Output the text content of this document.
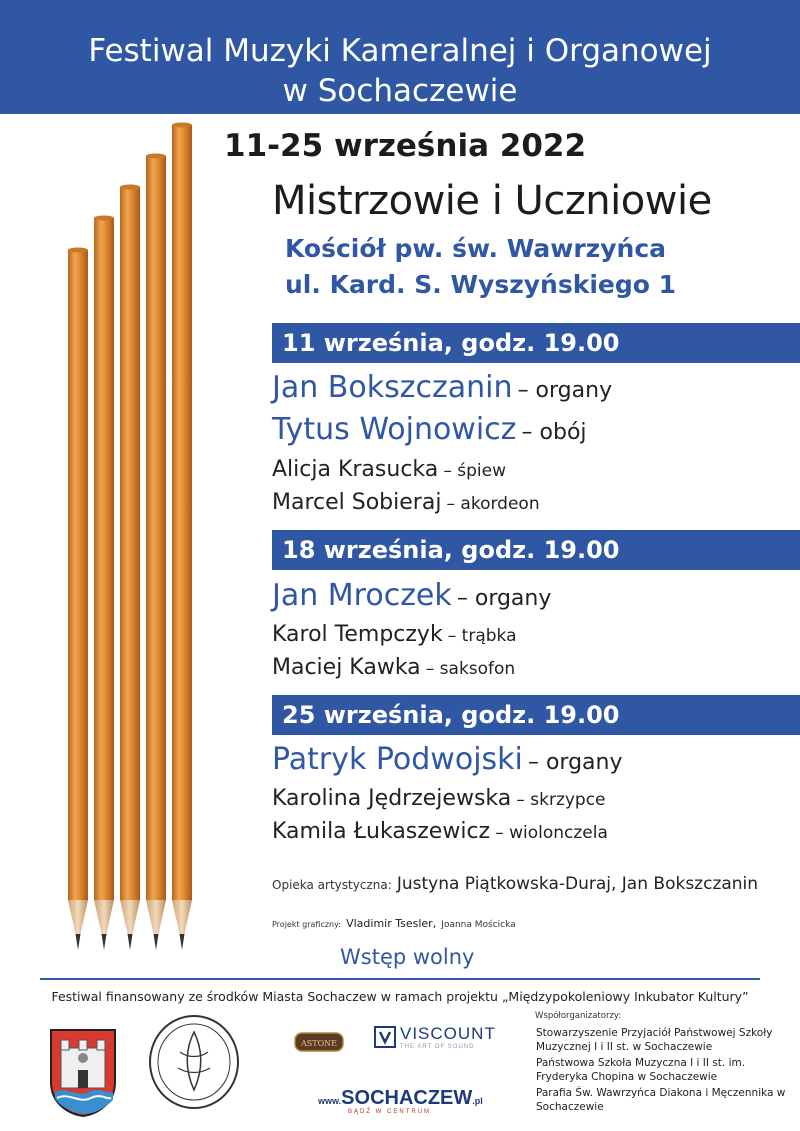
Festiwal Muzyki Kameralnej i Organowej
w Sochaczewie
11-25 września 2022
Mistrzowie i Uczniowie
Kościół pw. św. Wawrzyńca
ul. Kard. S. Wyszyńskiego 1
11 września, godz. 19.00
Jan Bokszczanin – organy
Tytus Wojnowicz – obój
Alicja Krasucka – śpiew
Marcel Sobieraj – akordeon
18 września, godz. 19.00
Jan Mroczek – organy
Karol Tempczyk – trąbka
Maciej Kawka – saksofon
25 września, godz. 19.00
Patryk Podwojski – organy
Karolina Jędrzejewska – skrzypce
Kamila Łukaszewicz – wiolonczela
Opieka artystyczna: Justyna Piątkowska-Duraj, Jan Bokszczanin
Projekt graficzny: Vladimir Tsesler, Joanna Mościcka
Wstęp wolny
Festiwal finansowany ze środków Miasta Sochaczew w ramach projektu „Międzypokoleniowy Inkubator Kultury”
ASTONE
VISCOUNT
THE ART OF SOUND
www.SOCHACZEW.pl
BĄDŹ W CENTRUM
Współorganizatorzy:
Stowarzyszenie Przyjaciół Państwowej Szkoły Muzycznej I i II st. w Sochaczewie
Państwowa Szkoła Muzyczna I i II st. im. Fryderyka Chopina w Sochaczewie
Parafia Św. Wawrzyńca Diakona i Męczennika w Sochaczewie
